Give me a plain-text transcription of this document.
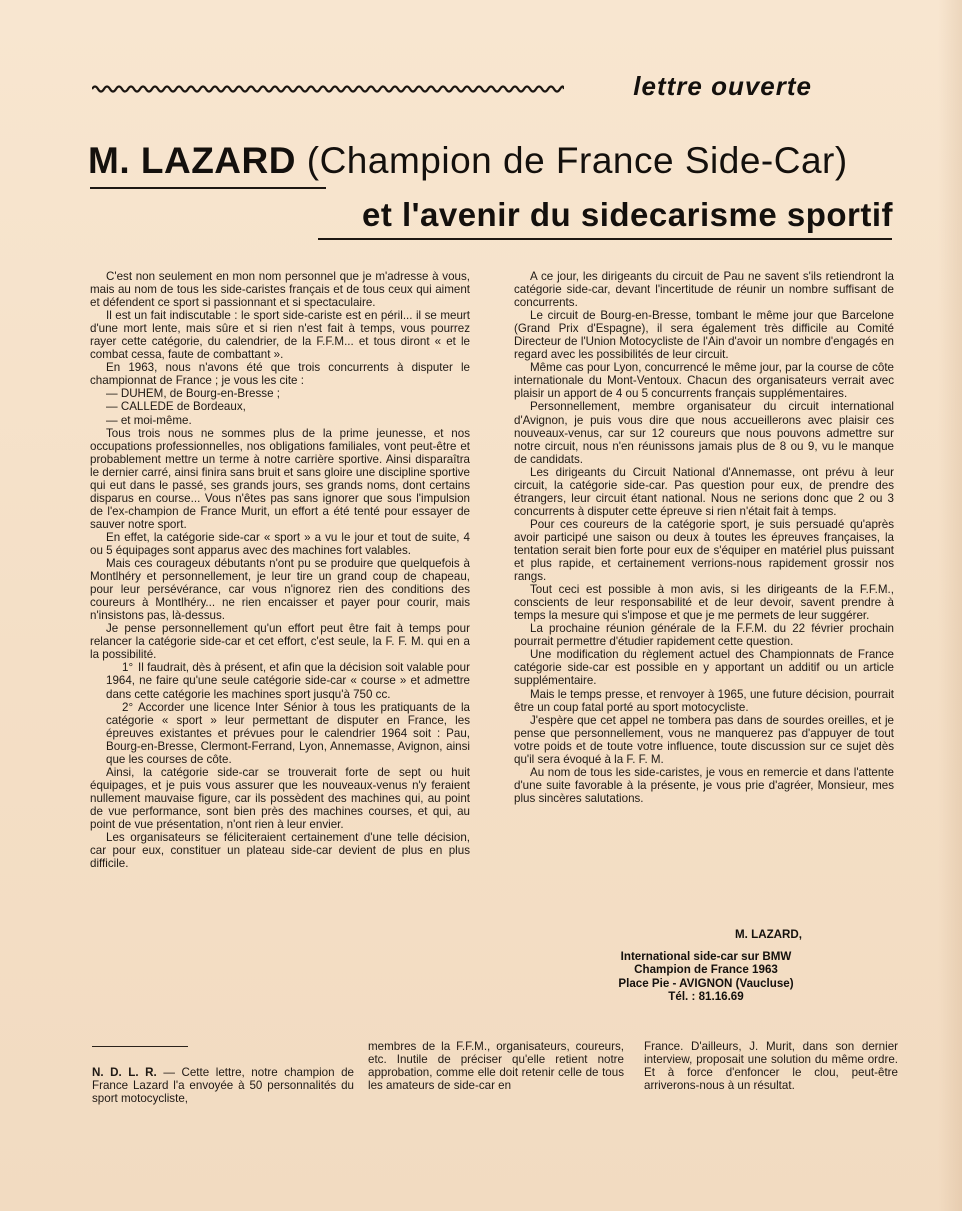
lettre ouverte
M. LAZARD (Champion de France Side-Car)
et l'avenir du sidecarisme sportif

C'est non seulement en mon nom personnel que je m'adresse à vous, mais au nom de tous les side-caristes français et de tous ceux qui aiment et défendent ce sport si passionnant et si spectaculaire.

Il est un fait indiscutable : le sport side-cariste est en péril... il se meurt d'une mort lente, mais sûre et si rien n'est fait à temps, vous pourrez rayer cette catégorie, du calendrier, de la F.F.M... et tous diront « et le combat cessa, faute de combattant ».

En 1963, nous n'avons été que trois concurrents à disputer le championnat de France ; je vous les cite :

— DUHEM, de Bourg-en-Bresse ;

— CALLEDE de Bordeaux,

— et moi-même.

Tous trois nous ne sommes plus de la prime jeunesse, et nos occupations professionnelles, nos obligations familiales, vont peut-être et probablement mettre un terme à notre carrière sportive. Ainsi disparaîtra le dernier carré, ainsi finira sans bruit et sans gloire une discipline sportive qui eut dans le passé, ses grands jours, ses grands noms, dont certains disparus en course... Vous n'êtes pas sans ignorer que sous l'impulsion de l'ex-champion de France Murit, un effort a été tenté pour essayer de sauver notre sport.

En effet, la catégorie side-car « sport » a vu le jour et tout de suite, 4 ou 5 équipages sont apparus avec des machines fort valables.

Mais ces courageux débutants n'ont pu se produire que quelquefois à Montlhéry et personnellement, je leur tire un grand coup de chapeau, pour leur persévérance, car vous n'ignorez rien des conditions des coureurs à Montlhéry... ne rien encaisser et payer pour courir, mais n'insistons pas, là-dessus.

Je pense personnellement qu'un effort peut être fait à temps pour relancer la catégorie side-car et cet effort, c'est seule, la F. F. M. qui en a la possibilité.

1° Il faudrait, dès à présent, et afin que la décision soit valable pour 1964, ne faire qu'une seule catégorie side-car « course » et admettre dans cette catégorie les machines sport jusqu'à 750 cc.

2° Accorder une licence Inter Sénior à tous les pratiquants de la catégorie « sport » leur permettant de disputer en France, les épreuves existantes et prévues pour le calendrier 1964 soit : Pau, Bourg-en-Bresse, Clermont-Ferrand, Lyon, Annemasse, Avignon, ainsi que les courses de côte.

Ainsi, la catégorie side-car se trouverait forte de sept ou huit équipages, et je puis vous assurer que les nouveaux-venus n'y feraient nullement mauvaise figure, car ils possèdent des machines qui, au point de vue performance, sont bien près des machines courses, et qui, au point de vue présentation, n'ont rien à leur envier.

Les organisateurs se féliciteraient certainement d'une telle décision, car pour eux, constituer un plateau side-car devient de plus en plus difficile.

A ce jour, les dirigeants du circuit de Pau ne savent s'ils retiendront la catégorie side-car, devant l'incertitude de réunir un nombre suffisant de concurrents.

Le circuit de Bourg-en-Bresse, tombant le même jour que Barcelone (Grand Prix d'Espagne), il sera également très difficile au Comité Directeur de l'Union Motocycliste de l'Ain d'avoir un nombre d'engagés en regard avec les possibilités de leur circuit.

Même cas pour Lyon, concurrencé le même jour, par la course de côte internationale du Mont-Ventoux. Chacun des organisateurs verrait avec plaisir un apport de 4 ou 5 concurrents français supplémentaires.

Personnellement, membre organisateur du circuit international d'Avignon, je puis vous dire que nous accueillerons avec plaisir ces nouveaux-venus, car sur 12 coureurs que nous pouvons admettre sur notre circuit, nous n'en réunissons jamais plus de 8 ou 9, vu le manque de candidats.

Les dirigeants du Circuit National d'Annemasse, ont prévu à leur circuit, la catégorie side-car. Pas question pour eux, de prendre des étrangers, leur circuit étant national. Nous ne serions donc que 2 ou 3 concurrents à disputer cette épreuve si rien n'était fait à temps.

Pour ces coureurs de la catégorie sport, je suis persuadé qu'après avoir participé une saison ou deux à toutes les épreuves françaises, la tentation serait bien forte pour eux de s'équiper en matériel plus puissant et plus rapide, et certainement verrions-nous rapidement grossir nos rangs.

Tout ceci est possible à mon avis, si les dirigeants de la F.F.M., conscients de leur responsabilité et de leur devoir, savent prendre à temps la mesure qui s'impose et que je me permets de leur suggérer.

La prochaine réunion générale de la F.F.M. du 22 février prochain pourrait permettre d'étudier rapidement cette question.

Une modification du règlement actuel des Championnats de France catégorie side-car est possible en y apportant un additif ou un article supplémentaire.

Mais le temps presse, et renvoyer à 1965, une future décision, pourrait être un coup fatal porté au sport motocycliste.

J'espère que cet appel ne tombera pas dans de sourdes oreilles, et je pense que personnellement, vous ne manquerez pas d'appuyer de tout votre poids et de toute votre influence, toute discussion sur ce sujet dès qu'il sera évoqué à la F. F. M.

Au nom de tous les side-caristes, je vous en remercie et dans l'attente d'une suite favorable à la présente, je vous prie d'agréer, Monsieur, mes plus sincères salutations.

M. LAZARD,
International side-car sur BMW
Champion de France 1963
Place Pie - AVIGNON (Vaucluse)
Tél. : 81.16.69

N. D. L. R. — Cette lettre, notre champion de France Lazard l'a envoyée à 50 personnalités du sport motocycliste,

membres de la F.F.M., organisateurs, coureurs, etc. Inutile de préciser qu'elle retient notre approbation, comme elle doit retenir celle de tous les amateurs de side-car en

France. D'ailleurs, J. Murit, dans son dernier interview, proposait une solution du même ordre. Et à force d'enfoncer le clou, peut-être arriverons-nous à un résultat.
